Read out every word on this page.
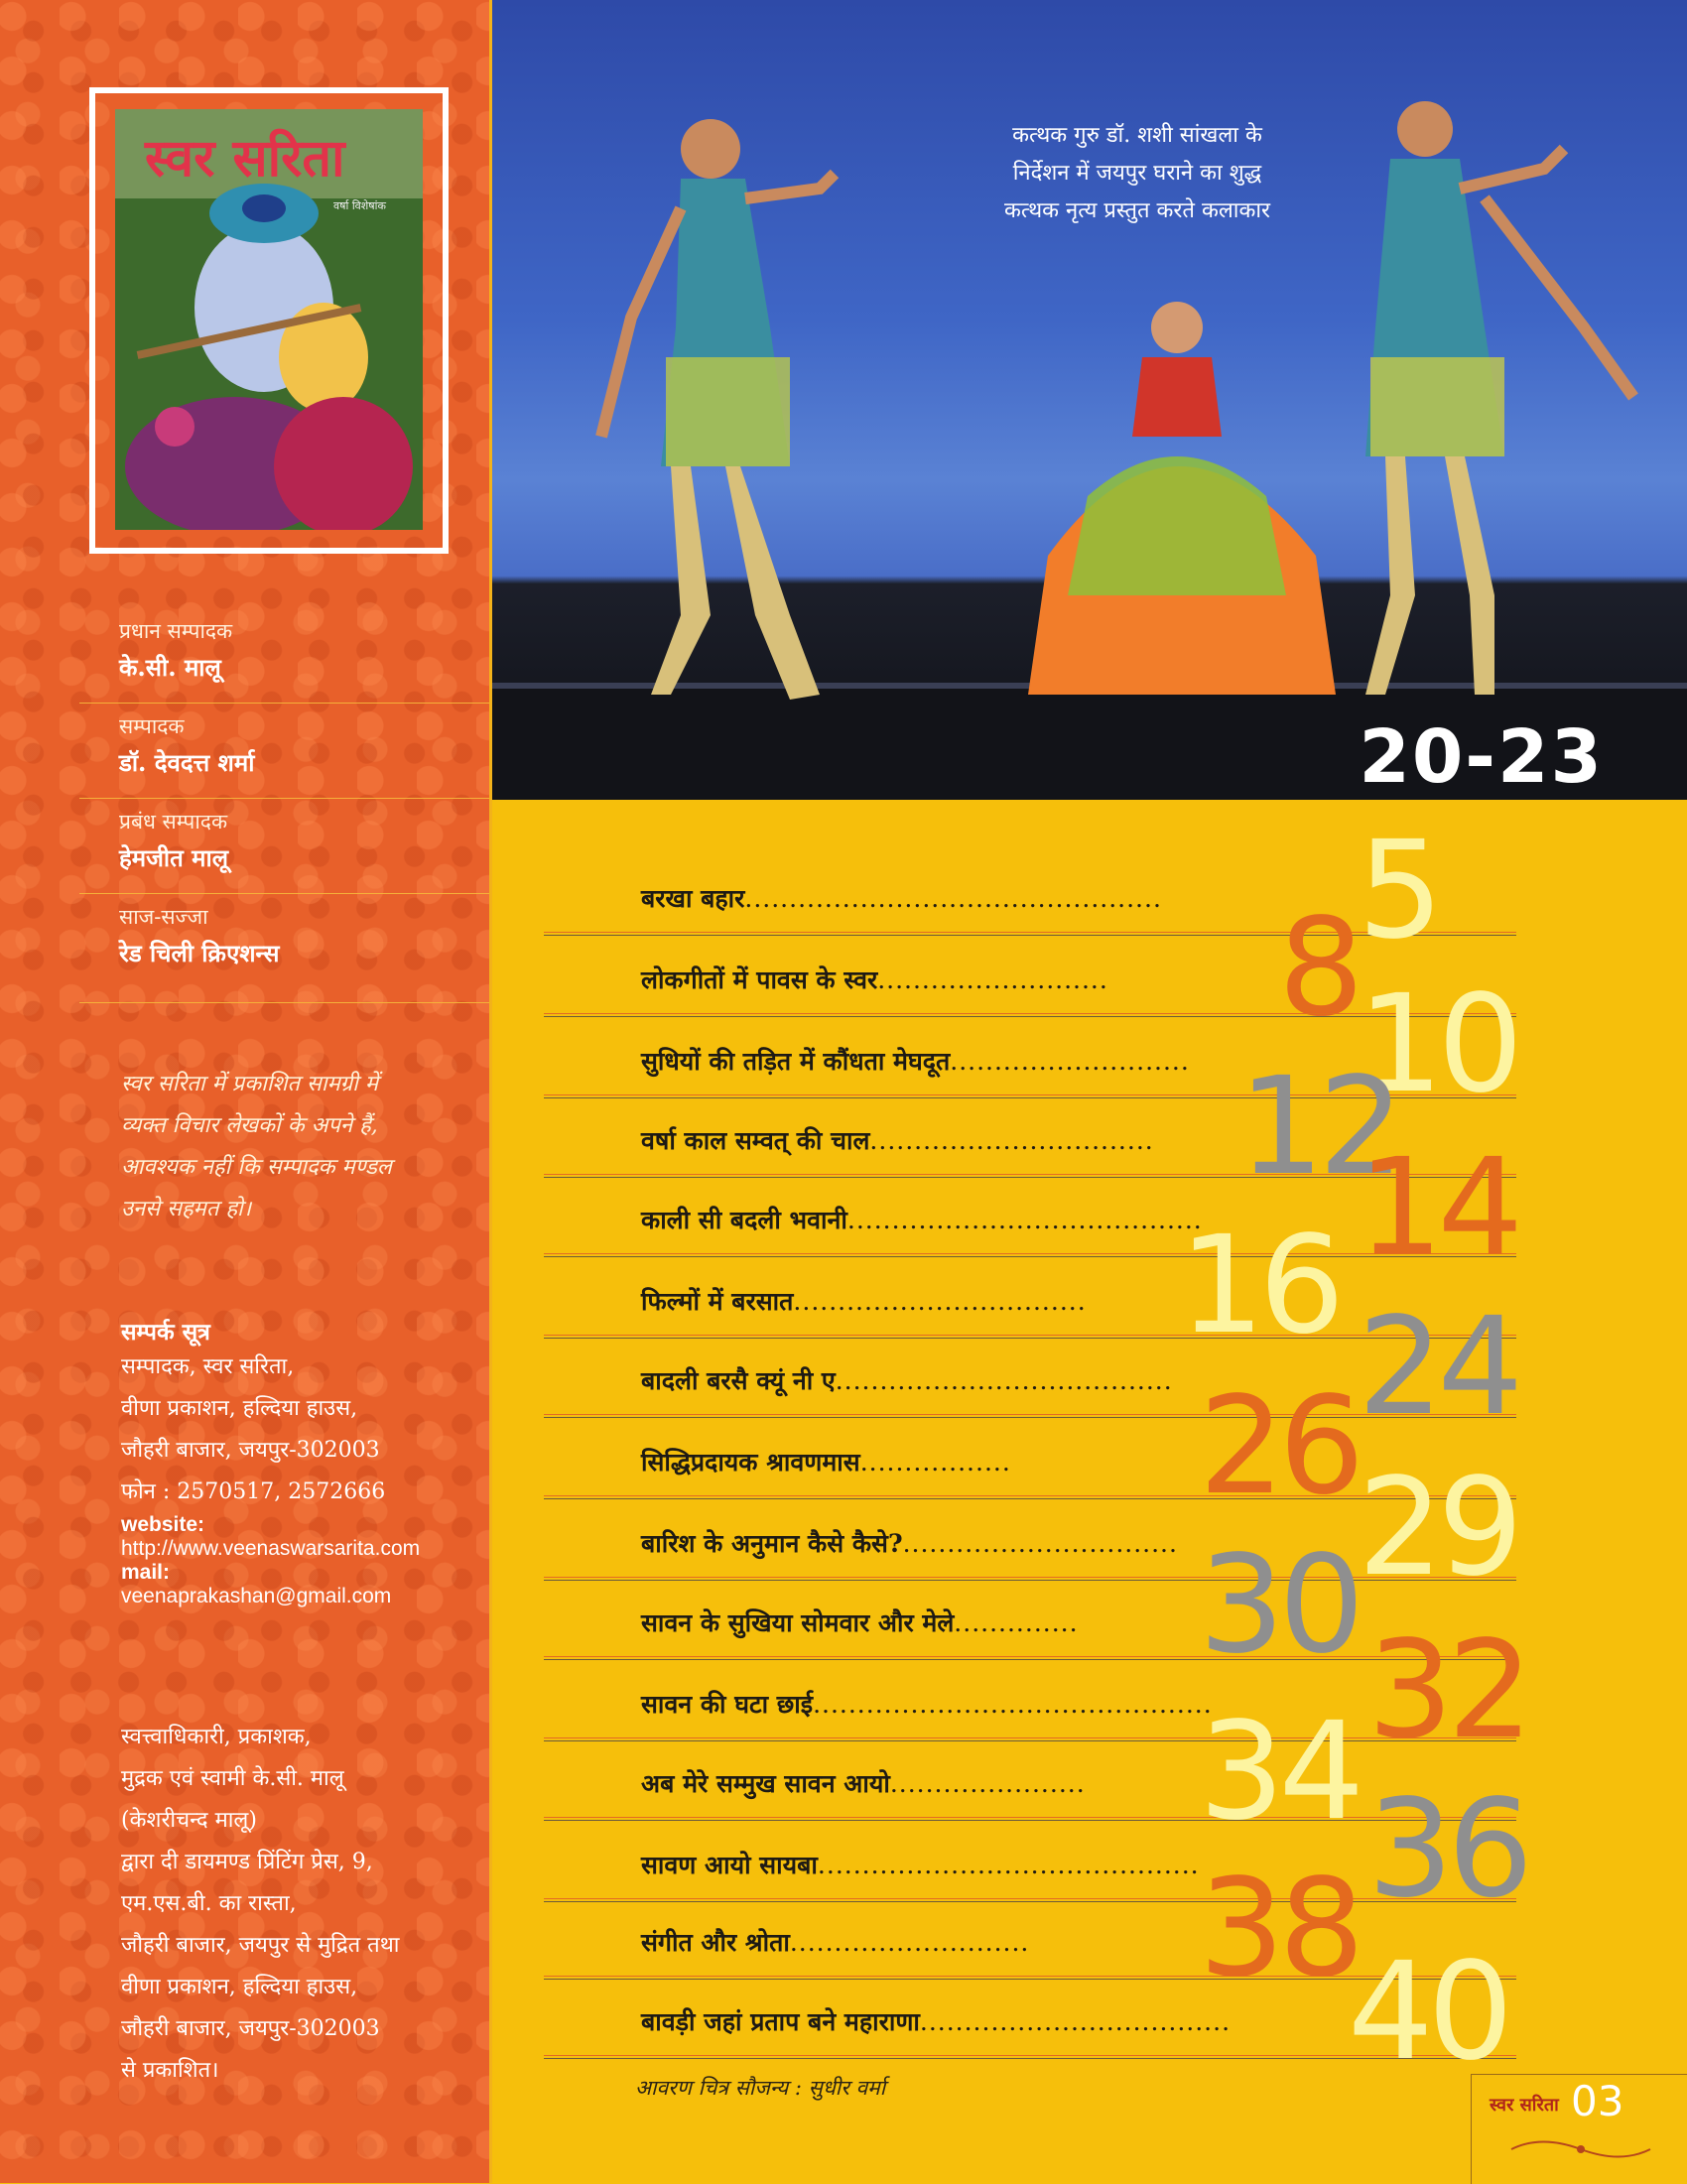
स्वर सरिता
वर्षा विशेषांक
प्रधान सम्पादक
के.सी. मालू
सम्पादक
डॉ. देवदत्त शर्मा
प्रबंध सम्पादक
हेमजीत मालू
साज-सज्जा
रेड चिली क्रिएशन्स
स्वर सरिता में प्रकाशित सामग्री में
व्यक्त विचार लेखकों के अपने हैं,
आवश्यक नहीं कि सम्पादक मण्डल
उनसे सहमत हो।
सम्पर्क सूत्र
सम्पादक, स्वर सरिता,
वीणा प्रकाशन, हल्दिया हाउस,
जौहरी बाजार, जयपुर-302003
फोन : 2570517, 2572666
website:
http://www.veenaswarsarita.com
mail:
veenaprakashan@gmail.com
स्वत्त्वाधिकारी, प्रकाशक,
मुद्रक एवं स्वामी के.सी. मालू
(केशरीचन्द मालू)
द्वारा दी डायमण्ड प्रिंटिंग प्रेस, 9,
एम.एस.बी. का रास्ता,
जौहरी बाजार, जयपुर से मुद्रित तथा
वीणा प्रकाशन, हल्दिया हाउस,
जौहरी बाजार, जयपुर-302003
से प्रकाशित।
कत्थक गुरु डॉ. शशी सांखला के
निर्देशन में जयपुर घराने का शुद्ध
कत्थक नृत्य प्रस्तुत करते कलाकार
20-23
बरखा बहार............................................... 5
लोकगीतों में पावस के स्वर.......................... 8
सुधियों की तड़ित में कौंधता मेघदूत........................... 10
वर्षा काल सम्वत् की चाल................................ 12
काली सी बदली भवानी........................................ 14
फिल्मों में बरसात................................. 16
बादली बरसै क्यूं नी ए...................................... 24
सिद्धिप्रदायक श्रावणमास................. 26
बारिश के अनुमान कैसे कैसे?............................... 29
सावन के सुखिया सोमवार और मेले.............. 30
सावन की घटा छाई............................................. 32
अब मेरे सम्मुख सावन आयो...................... 34
सावण आयो सायबा........................................... 36
संगीत और श्रोता........................... 38
बावड़ी जहां प्रताप बने महाराणा................................... 40
आवरण चित्र सौजन्य : सुधीर वर्मा
स्वर सरिता 03
